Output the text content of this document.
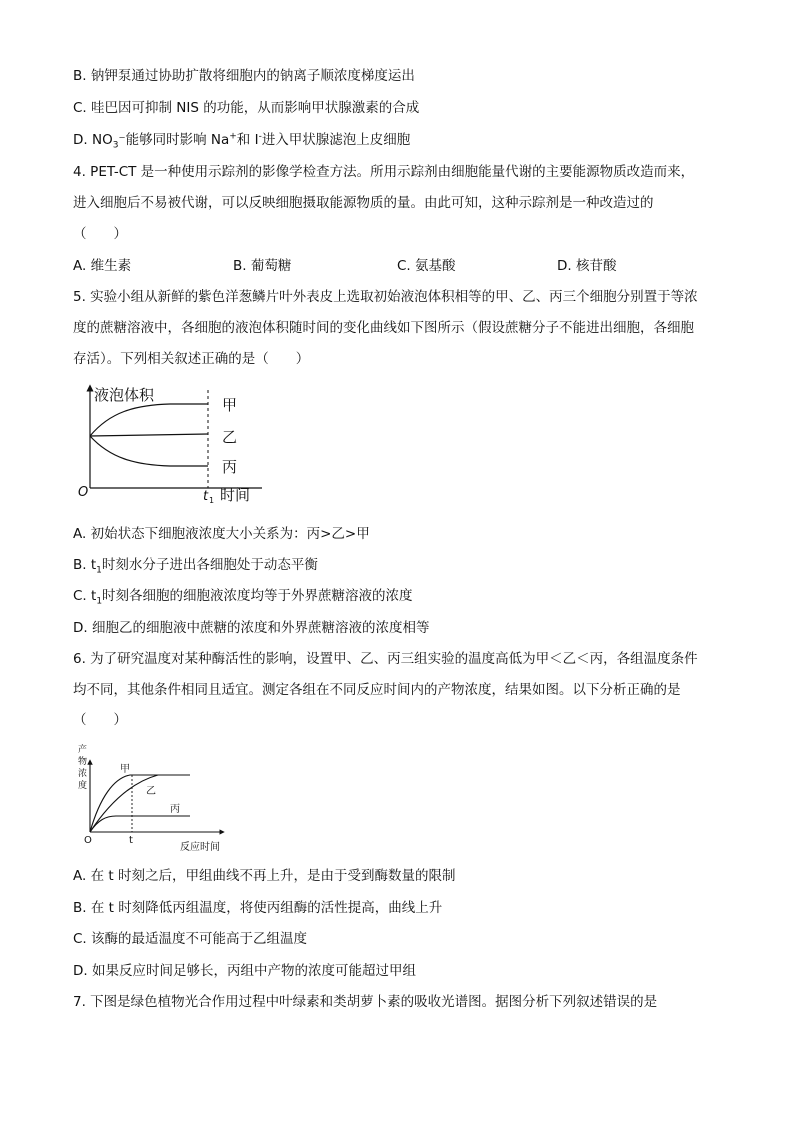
B. 钠钾泵通过协助扩散将细胞内的钠离子顺浓度梯度运出
C. 哇巴因可抑制 NIS 的功能，从而影响甲状腺激素的合成
D. $NO_3^-$能够同时影响 Na+和 I-进入甲状腺滤泡上皮细胞
4. PET-CT 是一种使用示踪剂的影像学检查方法。所用示踪剂由细胞能量代谢的主要能源物质改造而来，
进入细胞后不易被代谢，可以反映细胞摄取能源物质的量。由此可知，这种示踪剂是一种改造过的
（　　）
A. 维生素	B. 葡萄糖	C. 氨基酸	D. 核苷酸
5. 实验小组从新鲜的紫色洋葱鳞片叶外表皮上选取初始液泡体积相等的甲、乙、丙三个细胞分别置于等浓
度的蔗糖溶液中，各细胞的液泡体积随时间的变化曲线如下图所示（假设蔗糖分子不能进出细胞，各细胞
存活）。下列相关叙述正确的是（　　）
液泡体积
O
甲
乙
丙
t 1 时间
A. 初始状态下细胞液浓度大小关系为：丙>乙>甲
B. $t_1$时刻水分子进出各细胞处于动态平衡
C. $t_1$时刻各细胞的细胞液浓度均等于外界蔗糖溶液的浓度
D. 细胞乙的细胞液中蔗糖的浓度和外界蔗糖溶液的浓度相等
6. 为了研究温度对某种酶活性的影响，设置甲、乙、丙三组实验的温度高低为甲＜乙＜丙，各组温度条件
均不同，其他条件相同且适宜。测定各组在不同反应时间内的产物浓度，结果如图。以下分析正确的是
（　　）
产
物
浓
度
O
甲
乙
丙
t
反应时间
A. 在 t 时刻之后，甲组曲线不再上升，是由于受到酶数量的限制
B. 在 t 时刻降低丙组温度，将使丙组酶的活性提高，曲线上升
C. 该酶的最适温度不可能高于乙组温度
D. 如果反应时间足够长，丙组中产物的浓度可能超过甲组
7. 下图是绿色植物光合作用过程中叶绿素和类胡萝卜素的吸收光谱图。据图分析下列叙述错误的是
